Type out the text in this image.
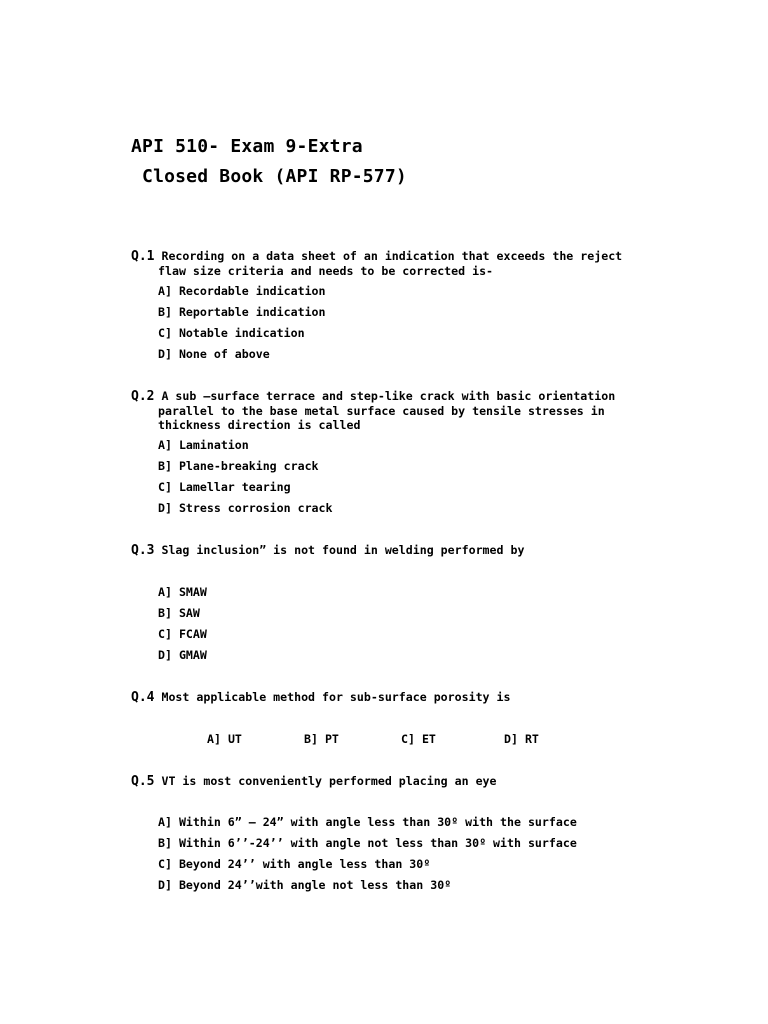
API 510- Exam 9-Extra
Closed Book (API RP-577)
Q.1 Recording on a data sheet of an indication that exceeds the reject
flaw size criteria and needs to be corrected is-
A] Recordable indication
B] Reportable indication
C] Notable indication
D] None of above
Q.2 A sub –surface terrace and step-like crack with basic orientation
parallel to the base metal surface caused by tensile stresses in
thickness direction is called
A] Lamination
B] Plane-breaking crack
C] Lamellar tearing
D] Stress corrosion crack
Q.3 Slag inclusion” is not found in welding performed by
A] SMAW
B] SAW
C] FCAW
D] GMAW
Q.4 Most applicable method for sub-surface porosity is
A] UT	B] PT	C] ET	D] RT
Q.5 VT is most conveniently performed placing an eye
A] Within 6” – 24” with angle less than 30º with the surface
B] Within 6’’-24’’ with angle not less than 30º with surface
C] Beyond 24’’ with angle less than 30º
D] Beyond 24’’with angle not less than 30º
